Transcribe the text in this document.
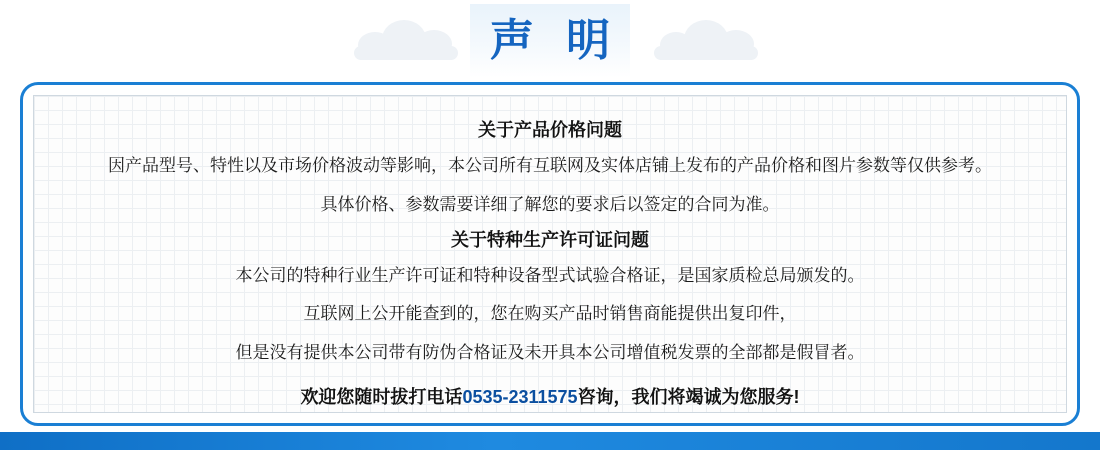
声 明
关于产品价格问题

因产品型号、特性以及市场价格波动等影响，本公司所有互联网及实体店铺上发布的产品价格和图片参数等仅供参考。

具体价格、参数需要详细了解您的要求后以签定的合同为准。

关于特种生产许可证问题

本公司的特种行业生产许可证和特种设备型式试验合格证，是国家质检总局颁发的。

互联网上公开能查到的，您在购买产品时销售商能提供出复印件，

但是没有提供本公司带有防伪合格证及未开具本公司增值税发票的全部都是假冒者。

欢迎您随时拔打电话0535-2311575咨询，我们将竭诚为您服务!
